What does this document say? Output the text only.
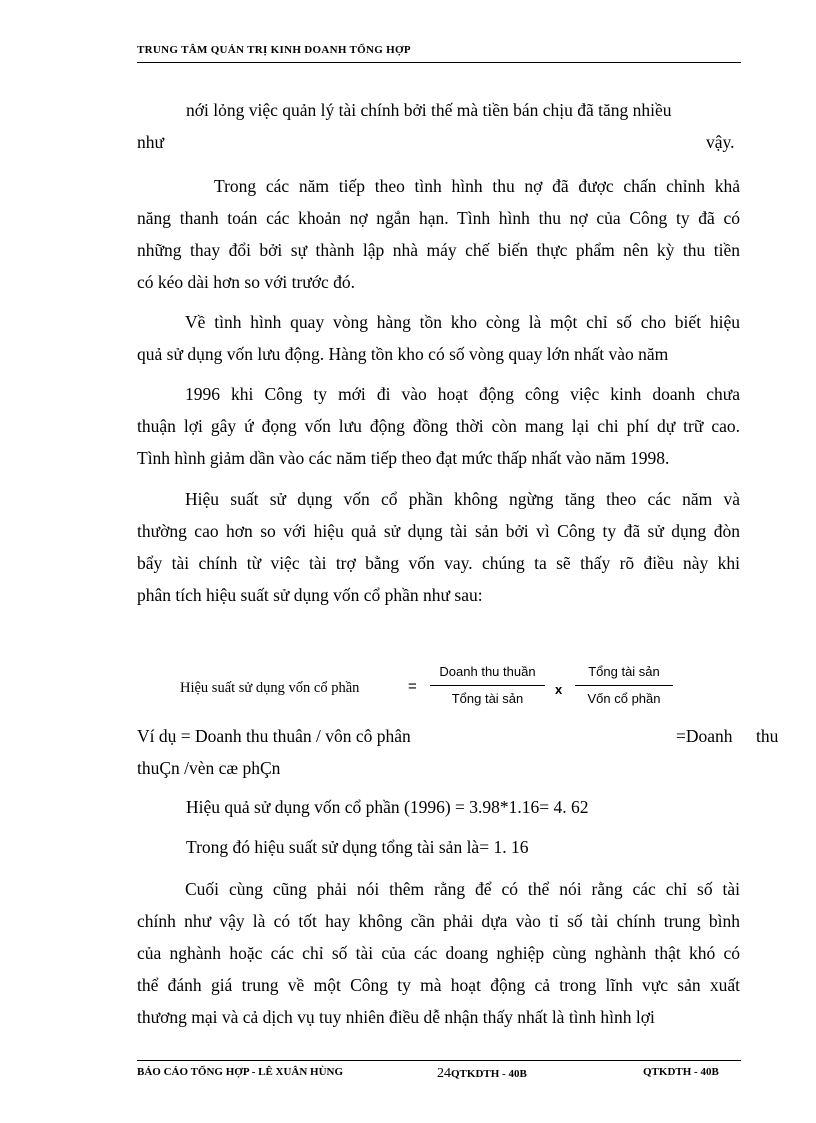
TRUNG TÂM QUẢN TRỊ KINH DOANH TỔNG HỢP
nới lỏng việc quản lý tài chính bởi thế mà tiền bán chịu đã tăng nhiều
như	vậy.
Trong các năm tiếp theo tình hình thu nợ đã được chấn chỉnh khả
năng thanh toán các khoản nợ ngắn hạn. Tình hình thu nợ của Công ty đã có
những thay đổi bởi sự thành lập nhà máy chế biến thực phẩm nên kỳ thu tiền
có kéo dài hơn so với trước đó.
Về tình hình quay vòng hàng tồn kho còng là một chỉ số cho biết hiệu
quả sử dụng vốn lưu động. Hàng tồn kho có số vòng quay lớn nhất vào năm
1996 khi Công ty mới đi vào hoạt động công việc kinh doanh chưa
thuận lợi gây ứ đọng vốn lưu động đồng thời còn mang lại chi phí dự trữ cao.
Tình hình giảm dần vào các năm tiếp theo đạt mức thấp nhất vào năm 1998.
Hiệu suất sử dụng vốn cổ phần không ngừng tăng theo các năm và
thường cao hơn so với hiệu quả sử dụng tài sản bởi vì Công ty đã sử dụng đòn
bẩy tài chính từ việc tài trợ bằng vốn vay. chúng ta sẽ thấy rõ điều này khi
phân tích hiệu suất sử dụng vốn cổ phần như sau:
Hiệu suất sử dụng vốn cổ phần	=
Doanh thu thuần
Tổng tài sản
x
Tổng tài sản
Vốn cổ phần
Ví dụ = Doanh thu thuân / vôn cô phân	=Doanh thu
thuÇn /vèn cæ phÇn
Hiệu quả sử dụng vốn cổ phần (1996) = 3.98*1.16= 4. 62
Trong đó hiệu suất sử dụng tổng tài sản là= 1. 16
Cuối cùng cũng phải nói thêm rằng để có thể nói rằng các chỉ số tài
chính như vậy là có tốt hay không cần phải dựa vào tỉ số tài chính trung bình
của nghành hoặc các chỉ số tài của các doang nghiệp cùng nghành thật khó có
thể đánh giá trung về một Công ty mà hoạt động cả trong lĩnh vực sản xuất
thương mại và cả dịch vụ tuy nhiên điều dễ nhận thấy nhất là tình hình lợi
BÁO CÁO TỔNG HỢP - LÊ XUÂN HÙNG	24QTKDTH - 40B	QTKDTH - 40B
